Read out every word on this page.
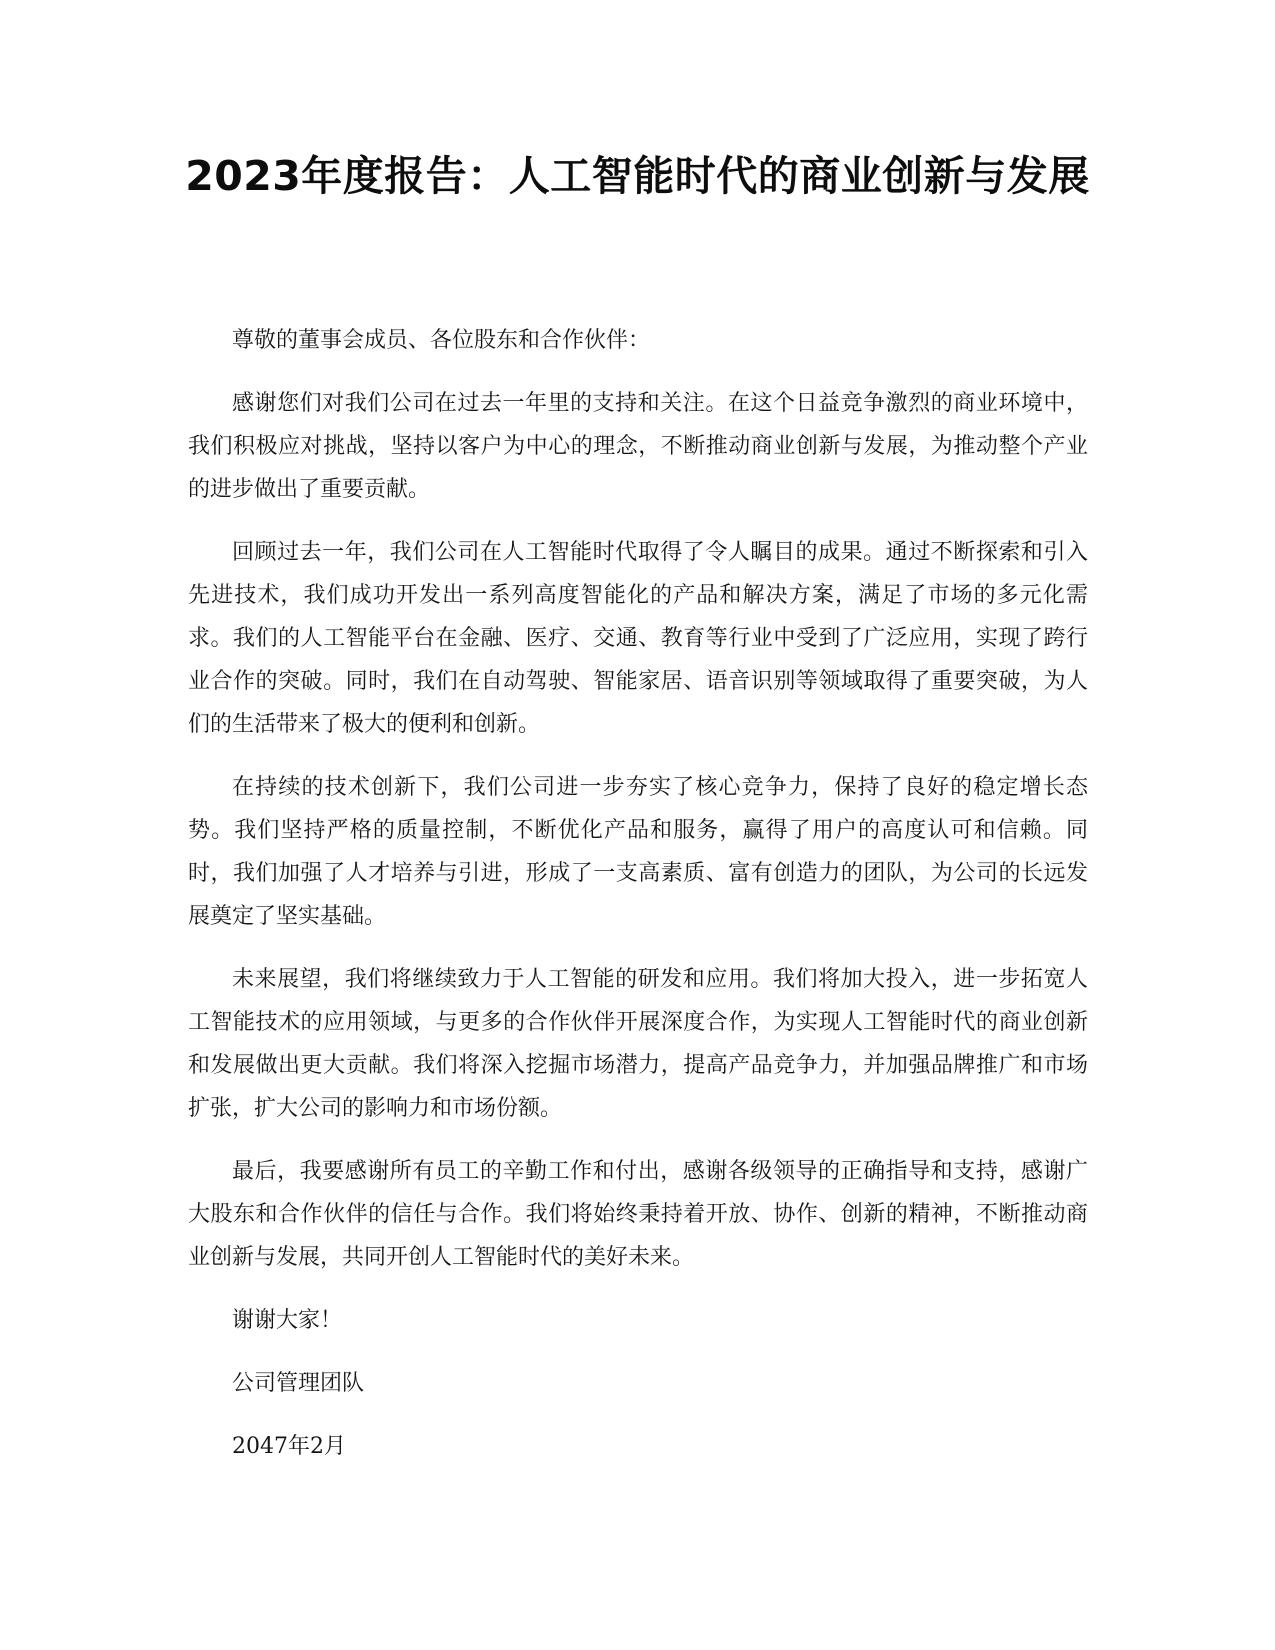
2023年度报告：人工智能时代的商业创新与发展

尊敬的董事会成员、各位股东和合作伙伴：

感谢您们对我们公司在过去一年里的支持和关注。在这个日益竞争激烈的商业环境中，我们积极应对挑战，坚持以客户为中心的理念，不断推动商业创新与发展，为推动整个产业的进步做出了重要贡献。

回顾过去一年，我们公司在人工智能时代取得了令人瞩目的成果。通过不断探索和引入先进技术，我们成功开发出一系列高度智能化的产品和解决方案，满足了市场的多元化需求。我们的人工智能平台在金融、医疗、交通、教育等行业中受到了广泛应用，实现了跨行业合作的突破。同时，我们在自动驾驶、智能家居、语音识别等领域取得了重要突破，为人们的生活带来了极大的便利和创新。

在持续的技术创新下，我们公司进一步夯实了核心竞争力，保持了良好的稳定增长态势。我们坚持严格的质量控制，不断优化产品和服务，赢得了用户的高度认可和信赖。同时，我们加强了人才培养与引进，形成了一支高素质、富有创造力的团队，为公司的长远发展奠定了坚实基础。

未来展望，我们将继续致力于人工智能的研发和应用。我们将加大投入，进一步拓宽人工智能技术的应用领域，与更多的合作伙伴开展深度合作，为实现人工智能时代的商业创新和发展做出更大贡献。我们将深入挖掘市场潜力，提高产品竞争力，并加强品牌推广和市场扩张，扩大公司的影响力和市场份额。

最后，我要感谢所有员工的辛勤工作和付出，感谢各级领导的正确指导和支持，感谢广大股东和合作伙伴的信任与合作。我们将始终秉持着开放、协作、创新的精神，不断推动商业创新与发展，共同开创人工智能时代的美好未来。

谢谢大家！

公司管理团队

2047年2月
